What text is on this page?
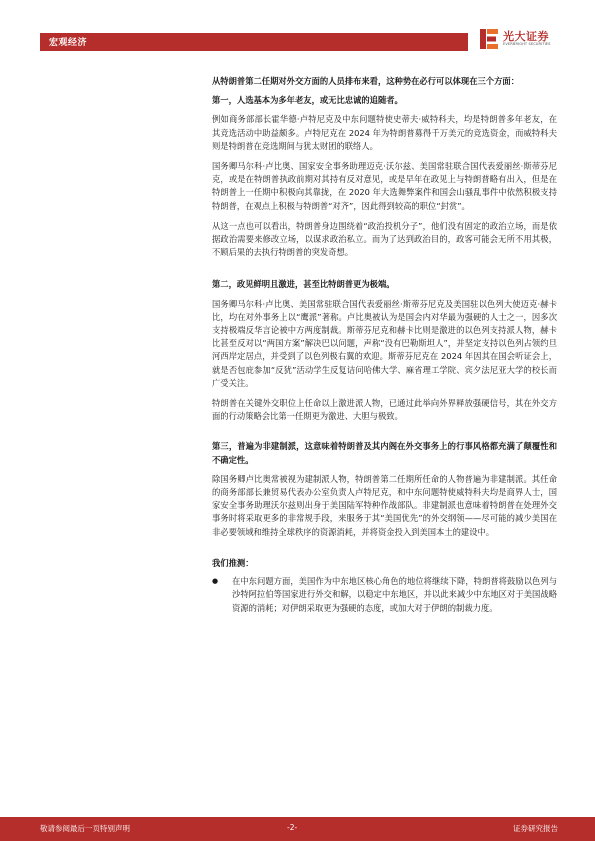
宏观经济	光大证券
EVERBRIGHT SECURITIES

从特朗普第二任期对外交方面的人员排布来看，这种势在必行可以体现在三个方面：

第一，人选基本为多年老友，或无比忠诚的追随者。

例如商务部部长霍华德·卢特尼克及中东问题特使史蒂夫·威特科夫，均是特朗普多年老友，在其竞选活动中助益颇多。卢特尼克在 2024 年为特朗普募得千万美元的竞选资金，而威特科夫则是特朗普在竞选期间与犹太财团的联络人。

国务卿马尔科·卢比奥、国家安全事务助理迈克·沃尔兹、美国常驻联合国代表爱丽丝·斯蒂芬尼克，或是在特朗普执政前期对其持有反对意见，或是早年在政见上与特朗普略有出入，但是在特朗普上一任期中积极向其靠拢，在 2020 年大选舞弊案件和国会山骚乱事件中依然积极支持特朗普，在观点上积极与特朗普“对齐”，因此得到较高的职位“封赏”。

从这一点也可以看出，特朗普身边围绕着“政治投机分子”，他们没有固定的政治立场，而是依据政治需要来修改立场，以谋求政治私立。而为了达到政治目的，政客可能会无所不用其极，不顾后果的去执行特朗普的突发奇想。

第二，政见鲜明且激进，甚至比特朗普更为极端。

国务卿马尔科·卢比奥、美国常驻联合国代表爱丽丝·斯蒂芬尼克及美国驻以色列大使迈克·赫卡比，均在对外事务上以“鹰派”著称。卢比奥被认为是国会内对华最为强硬的人士之一，因多次支持极端反华言论被中方两度制裁。斯蒂芬尼克和赫卡比则是激进的以色列支持派人物，赫卡比甚至反对以“两国方案”解决巴以问题，声称“没有巴勒斯坦人”，并坚定支持以色列占领约旦河西岸定居点，并受到了以色列极右翼的欢迎。斯蒂芬尼克在 2024 年因其在国会听证会上，就是否包庇参加“反犹”活动学生反复诘问哈佛大学、麻省理工学院、宾夕法尼亚大学的校长而广受关注。

特朗普在关键外交职位上任命以上激进派人物，已通过此举向外界释放强硬信号，其在外交方面的行动策略会比第一任期更为激进、大胆与极致。

第三，普遍为非建制派，这意味着特朗普及其内阁在外交事务上的行事风格都充满了颠覆性和不确定性。

除国务卿卢比奥常被视为建制派人物，特朗普第二任期所任命的人物普遍为非建制派。其任命的商务部部长兼贸易代表办公室负责人卢特尼克，和中东问题特使威特科夫均是商界人士，国家安全事务助理沃尔兹则出身于美国陆军特种作战部队。非建制派也意味着特朗普在处理外交事务时将采取更多的非常规手段，来服务于其“美国优先”的外交纲领——尽可能的减少美国在非必要领域和维持全球秩序的资源消耗，并将资金投入到美国本土的建设中。

我们推测：

●	在中东问题方面，美国作为中东地区核心角色的地位将继续下降，特朗普将鼓励以色列与沙特阿拉伯等国家进行外交和解，以稳定中东地区，并以此来减少中东地区对于美国战略资源的消耗；对伊朗采取更为强硬的态度，或加大对于伊朗的制裁力度。
敬请参阅最后一页特别声明	-2-	证券研究报告
